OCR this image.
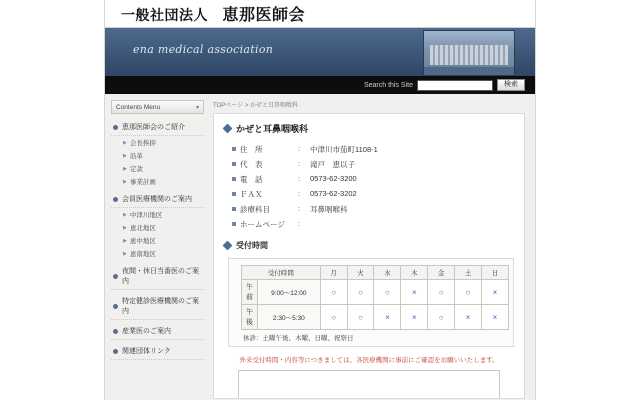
一般社団法人　恵那医師会
ena medical association
Search this Site	検索
Contents Menu	▾
恵那医師会のご紹介
▶ 会長挨拶
▶ 沿革
▶ 定款
▶ 事業計画
会員医療機関のご案内
▶ 中津川地区
▶ 恵北地区
▶ 恵中地区
▶ 恵南地区
夜間・休日当番医のご案内
特定健診医療機関のご案内
産業医のご案内
関連団体リンク
TOPページ > かぜと耳鼻咽喉科
かぜと耳鼻咽喉科
住　所	:	中津川市茄町1108-1
代　表	:	滝戸　恵以子
電　話	:	0573-62-3200
ＦＡＸ	:	0573-62-3202
診療科目	:	耳鼻咽喉科
ホームページ	:	
受付時間
受付時間		月	火	水	木	金	土	日
午前	9:00～12:00	○	○	○	×	○	○	×
午後	2:30～5:30	○	○	×	×	○	×	×
休診：土曜午後、木曜、日曜、祝祭日
外来受付時間・内容等につきましては、各医療機関に事前にご確認をお願いいたします。
